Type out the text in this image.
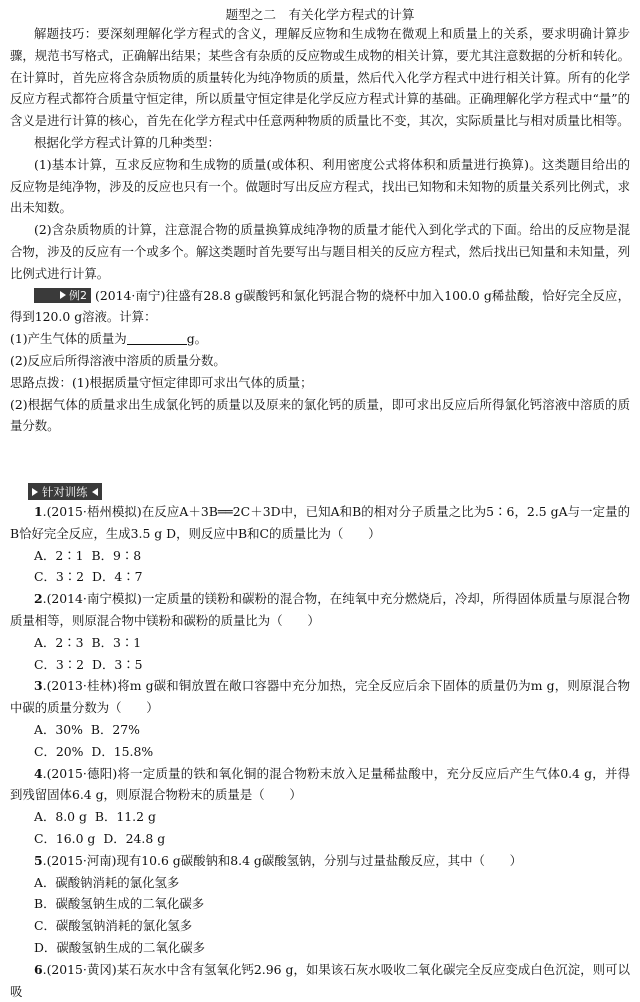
题型之二　有关化学方程式的计算

解题技巧：要深刻理解化学方程式的含义，理解反应物和生成物在微观上和质量上的关系，要求明确计算步骤，规范书写格式，正确解出结果；某些含有杂质的反应物或生成物的相关计算，要尤其注意数据的分析和转化。在计算时，首先应将含杂质物质的质量转化为纯净物质的质量，然后代入化学方程式中进行相关计算。所有的化学反应方程式都符合质量守恒定律，所以质量守恒定律是化学反应方程式计算的基础。正确理解化学方程式中“量”的含义是进行计算的核心，首先在化学方程式中任意两种物质的质量比不变，其次，实际质量比与相对质量比相等。

根据化学方程式计算的几种类型：

(1)基本计算，互求反应物和生成物的质量(或体积、利用密度公式将体积和质量进行换算)。这类题目给出的反应物是纯净物，涉及的反应也只有一个。做题时写出反应方程式，找出已知物和未知物的质量关系列比例式，求出未知数。

(2)含杂质物质的计算，注意混合物的质量换算成纯净物的质量才能代入到化学式的下面。给出的反应物是混合物，涉及的反应有一个或多个。解这类题时首先要写出与题目相关的反应方程式，然后找出已知量和未知量，列比例式进行计算。

例2 (2014·南宁)往盛有28.8 g碳酸钙和氯化钙混合物的烧杯中加入100.0 g稀盐酸，恰好完全反应，得到120.0 g溶液。计算：

(1)产生气体的质量为	g。

(2)反应后所得溶液中溶质的质量分数。

思路点拨：(1)根据质量守恒定律即可求出气体的质量；

(2)根据气体的质量求出生成氯化钙的质量以及原来的氯化钙的质量，即可求出反应后所得氯化钙溶液中溶质的质量分数。

针对训练

1.(2015·梧州模拟)在反应A＋3B══2C＋3D中，已知A和B的相对分子质量之比为5∶6，2.5 gA与一定量的B恰好完全反应，生成3.5 g D，则反应中B和C的质量比为（　　）

A．2∶1 B．9∶8

C．3∶2 D．4∶7

2.(2014·南宁模拟)一定质量的镁粉和碳粉的混合物，在纯氧中充分燃烧后，冷却，所得固体质量与原混合物质量相等，则原混合物中镁粉和碳粉的质量比为（　　）

A．2∶3 B．3∶1

C．3∶2 D．3∶5

3.(2013·桂林)将m g碳和铜放置在敞口容器中充分加热，完全反应后余下固体的质量仍为m g，则原混合物中碳的质量分数为（　　）

A．30% B．27%

C．20% D．15.8%

4.(2015·德阳)将一定质量的铁和氧化铜的混合物粉末放入足量稀盐酸中，充分反应后产生气体0.4 g，并得到残留固体6.4 g，则原混合物粉末的质量是（　　）

A．8.0 g B．11.2 g

C．16.0 g D．24.8 g

5.(2015·河南)现有10.6 g碳酸钠和8.4 g碳酸氢钠，分别与过量盐酸反应，其中（　　）

A．碳酸钠消耗的氯化氢多

B．碳酸氢钠生成的二氧化碳多

C．碳酸氢钠消耗的氯化氢多

D．碳酸氢钠生成的二氧化碳多

6.(2015·黄冈)某石灰水中含有氢氧化钙2.96 g，如果该石灰水吸收二氧化碳完全反应变成白色沉淀，则可以吸
